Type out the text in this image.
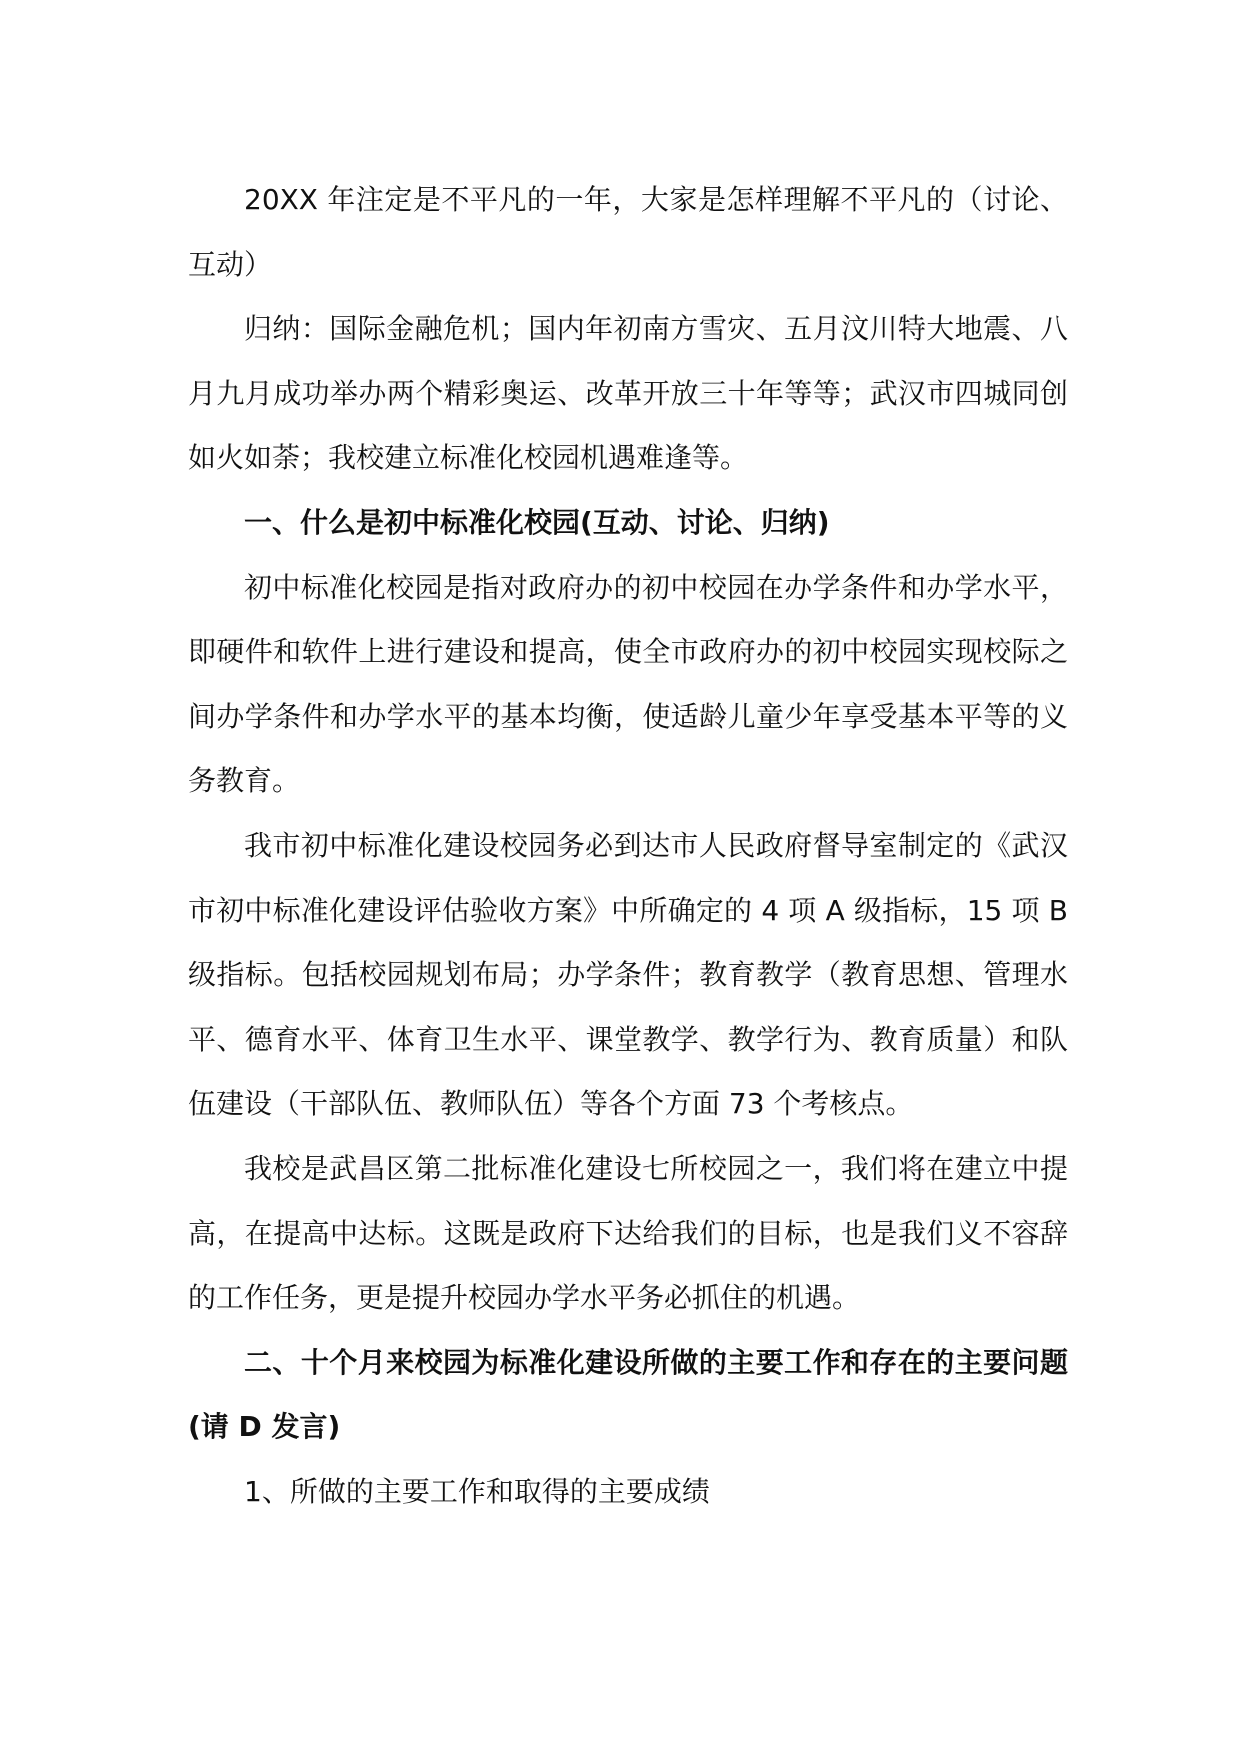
20XX 年注定是不平凡的一年，大家是怎样理解不平凡的（讨论、互动）

归纳：国际金融危机；国内年初南方雪灾、五月汶川特大地震、八月九月成功举办两个精彩奥运、改革开放三十年等等；武汉市四城同创如火如荼；我校建立标准化校园机遇难逢等。

一、什么是初中标准化校园(互动、讨论、归纳)

初中标准化校园是指对政府办的初中校园在办学条件和办学水平，即硬件和软件上进行建设和提高，使全市政府办的初中校园实现校际之间办学条件和办学水平的基本均衡，使适龄儿童少年享受基本平等的义务教育。

我市初中标准化建设校园务必到达市人民政府督导室制定的《武汉市初中标准化建设评估验收方案》中所确定的 4 项 A 级指标，15 项 B 级指标。包括校园规划布局；办学条件；教育教学（教育思想、管理水平、德育水平、体育卫生水平、课堂教学、教学行为、教育质量）和队伍建设（干部队伍、教师队伍）等各个方面 73 个考核点。

我校是武昌区第二批标准化建设七所校园之一，我们将在建立中提高，在提高中达标。这既是政府下达给我们的目标，也是我们义不容辞的工作任务，更是提升校园办学水平务必抓住的机遇。

二、十个月来校园为标准化建设所做的主要工作和存在的主要问题(请 D 发言)

1、所做的主要工作和取得的主要成绩
